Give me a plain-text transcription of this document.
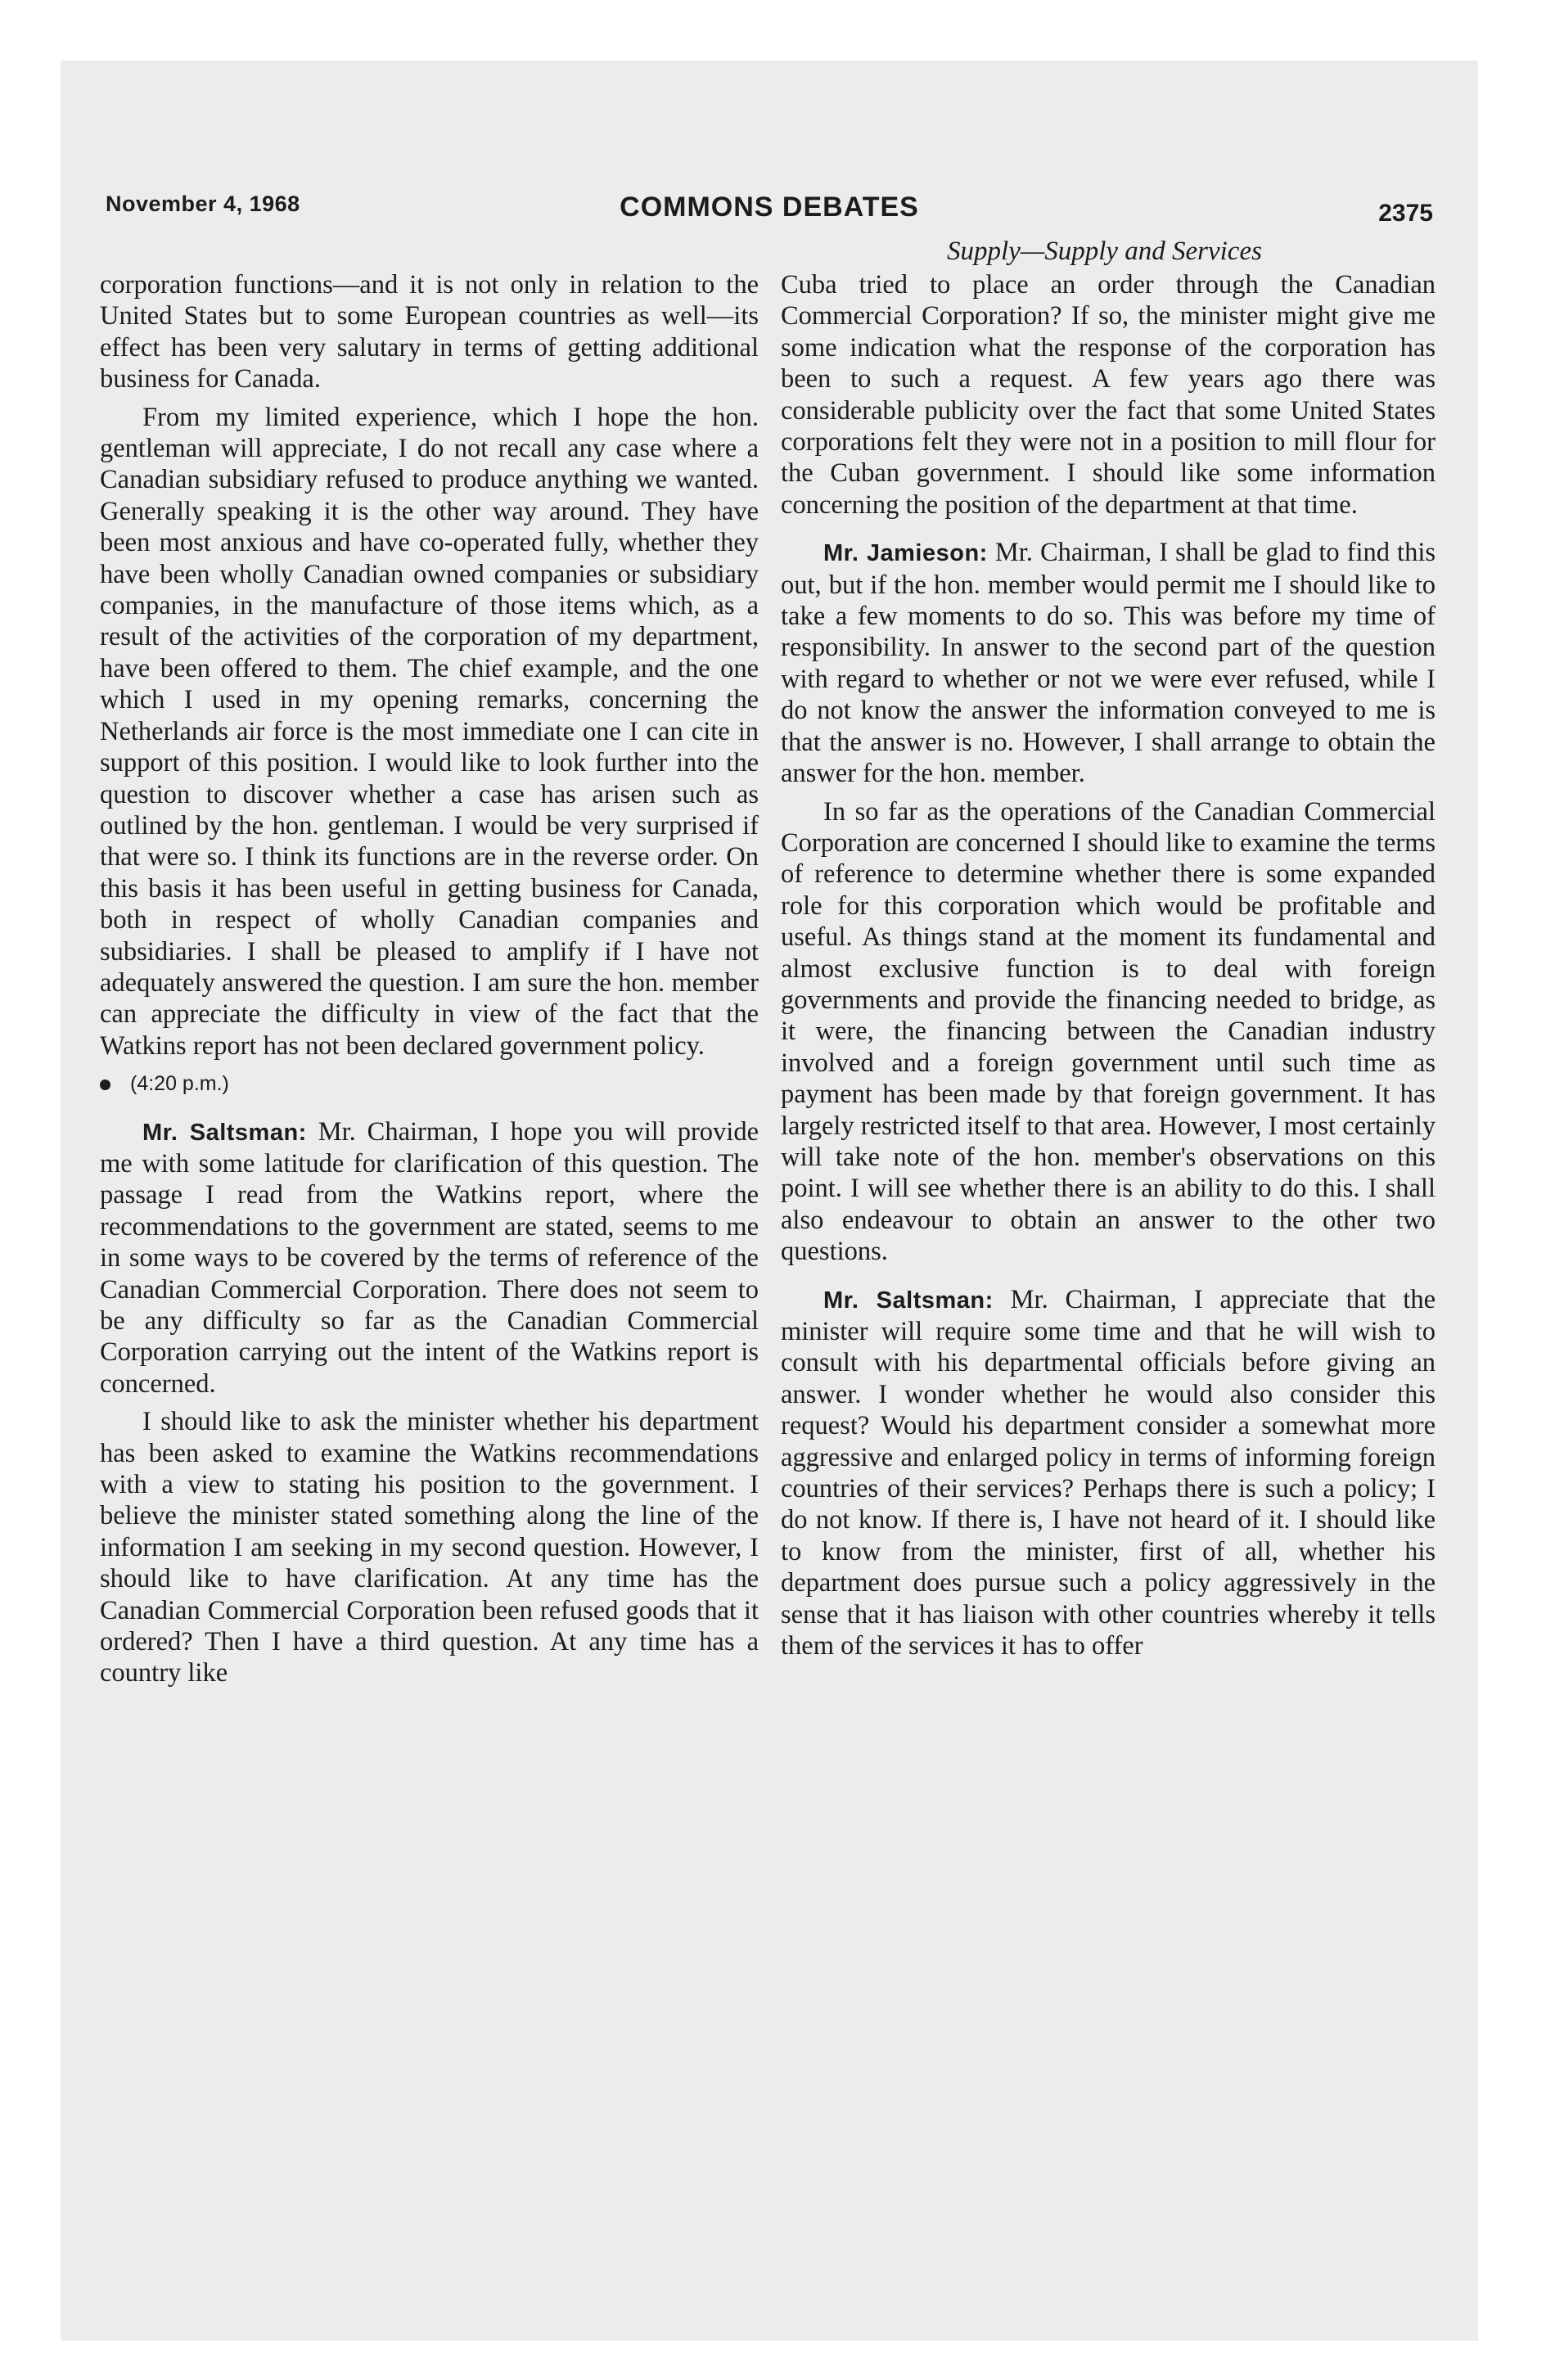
November 4, 1968	COMMONS DEBATES	2375
Supply—Supply and Services

corporation functions—and it is not only in relation to the United States but to some European countries as well—its effect has been very salutary in terms of getting additional business for Canada.

From my limited experience, which I hope the hon. gentleman will appreciate, I do not recall any case where a Canadian subsidiary refused to produce anything we wanted. Generally speaking it is the other way around. They have been most anxious and have co-operated fully, whether they have been wholly Canadian owned companies or subsidiary companies, in the manufacture of those items which, as a result of the activities of the corporation of my department, have been offered to them. The chief example, and the one which I used in my opening remarks, concerning the Netherlands air force is the most immediate one I can cite in support of this position. I would like to look further into the question to discover whether a case has arisen such as outlined by the hon. gentleman. I would be very surprised if that were so. I think its functions are in the reverse order. On this basis it has been useful in getting business for Canada, both in respect of wholly Canadian companies and subsidiaries. I shall be pleased to amplify if I have not adequately answered the question. I am sure the hon. member can appreciate the difficulty in view of the fact that the Watkins report has not been declared government policy.

(4:20 p.m.)

Mr. Saltsman: Mr. Chairman, I hope you will provide me with some latitude for clarification of this question. The passage I read from the Watkins report, where the recommendations to the government are stated, seems to me in some ways to be covered by the terms of reference of the Canadian Commercial Corporation. There does not seem to be any difficulty so far as the Canadian Commercial Corporation carrying out the intent of the Watkins report is concerned.

I should like to ask the minister whether his department has been asked to examine the Watkins recommendations with a view to stating his position to the government. I believe the minister stated something along the line of the information I am seeking in my second question. However, I should like to have clarification. At any time has the Canadian Commercial Corporation been refused goods that it ordered? Then I have a third question. At any time has a country like

Cuba tried to place an order through the Canadian Commercial Corporation? If so, the minister might give me some indication what the response of the corporation has been to such a request. A few years ago there was considerable publicity over the fact that some United States corporations felt they were not in a position to mill flour for the Cuban government. I should like some information concerning the position of the department at that time.

Mr. Jamieson: Mr. Chairman, I shall be glad to find this out, but if the hon. member would permit me I should like to take a few moments to do so. This was before my time of responsibility. In answer to the second part of the question with regard to whether or not we were ever refused, while I do not know the answer the information conveyed to me is that the answer is no. However, I shall arrange to obtain the answer for the hon. member.

In so far as the operations of the Canadian Commercial Corporation are concerned I should like to examine the terms of reference to determine whether there is some expanded role for this corporation which would be profitable and useful. As things stand at the moment its fundamental and almost exclusive function is to deal with foreign governments and provide the financing needed to bridge, as it were, the financing between the Canadian industry involved and a foreign government until such time as payment has been made by that foreign government. It has largely restricted itself to that area. However, I most certainly will take note of the hon. member's observations on this point. I will see whether there is an ability to do this. I shall also endeavour to obtain an answer to the other two questions.

Mr. Saltsman: Mr. Chairman, I appreciate that the minister will require some time and that he will wish to consult with his departmental officials before giving an answer. I wonder whether he would also consider this request? Would his department consider a somewhat more aggressive and enlarged policy in terms of informing foreign countries of their services? Perhaps there is such a policy; I do not know. If there is, I have not heard of it. I should like to know from the minister, first of all, whether his department does pursue such a policy aggressively in the sense that it has liaison with other countries whereby it tells them of the services it has to offer
